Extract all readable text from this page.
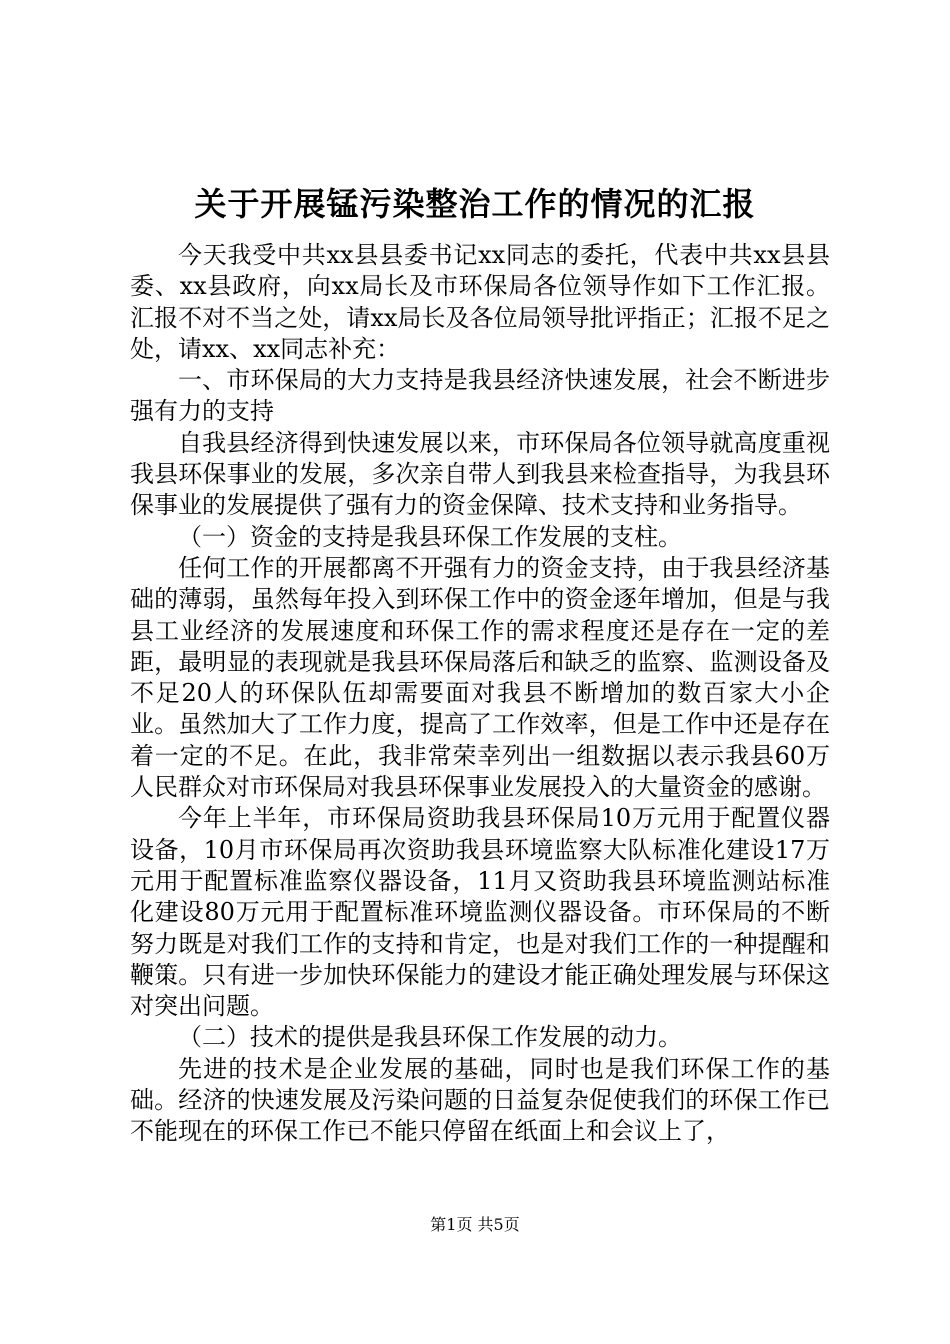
关于开展锰污染整治工作的情况的汇报

今天我受中共xx县县委书记xx同志的委托，代表中共xx县县委、xx县政府，向xx局长及市环保局各位领导作如下工作汇报。汇报不对不当之处，请xx局长及各位局领导批评指正；汇报不足之处，请xx、xx同志补充：

一、市环保局的大力支持是我县经济快速发展，社会不断进步强有力的支持

自我县经济得到快速发展以来，市环保局各位领导就高度重视我县环保事业的发展，多次亲自带人到我县来检查指导，为我县环保事业的发展提供了强有力的资金保障、技术支持和业务指导。

（一）资金的支持是我县环保工作发展的支柱。

任何工作的开展都离不开强有力的资金支持，由于我县经济基础的薄弱，虽然每年投入到环保工作中的资金逐年增加，但是与我县工业经济的发展速度和环保工作的需求程度还是存在一定的差距，最明显的表现就是我县环保局落后和缺乏的监察、监测设备及不足20人的环保队伍却需要面对我县不断增加的数百家大小企业。虽然加大了工作力度，提高了工作效率，但是工作中还是存在着一定的不足。在此，我非常荣幸列出一组数据以表示我县60万人民群众对市环保局对我县环保事业发展投入的大量资金的感谢。

今年上半年，市环保局资助我县环保局10万元用于配置仪器设备，10月市环保局再次资助我县环境监察大队标准化建设17万元用于配置标准监察仪器设备，11月又资助我县环境监测站标准化建设80万元用于配置标准环境监测仪器设备。市环保局的不断努力既是对我们工作的支持和肯定，也是对我们工作的一种提醒和鞭策。只有进一步加快环保能力的建设才能正确处理发展与环保这对突出问题。

（二）技术的提供是我县环保工作发展的动力。

先进的技术是企业发展的基础，同时也是我们环保工作的基础。经济的快速发展及污染问题的日益复杂促使我们的环保工作已不能现在的环保工作已不能只停留在纸面上和会议上了，

第1页 共5页
